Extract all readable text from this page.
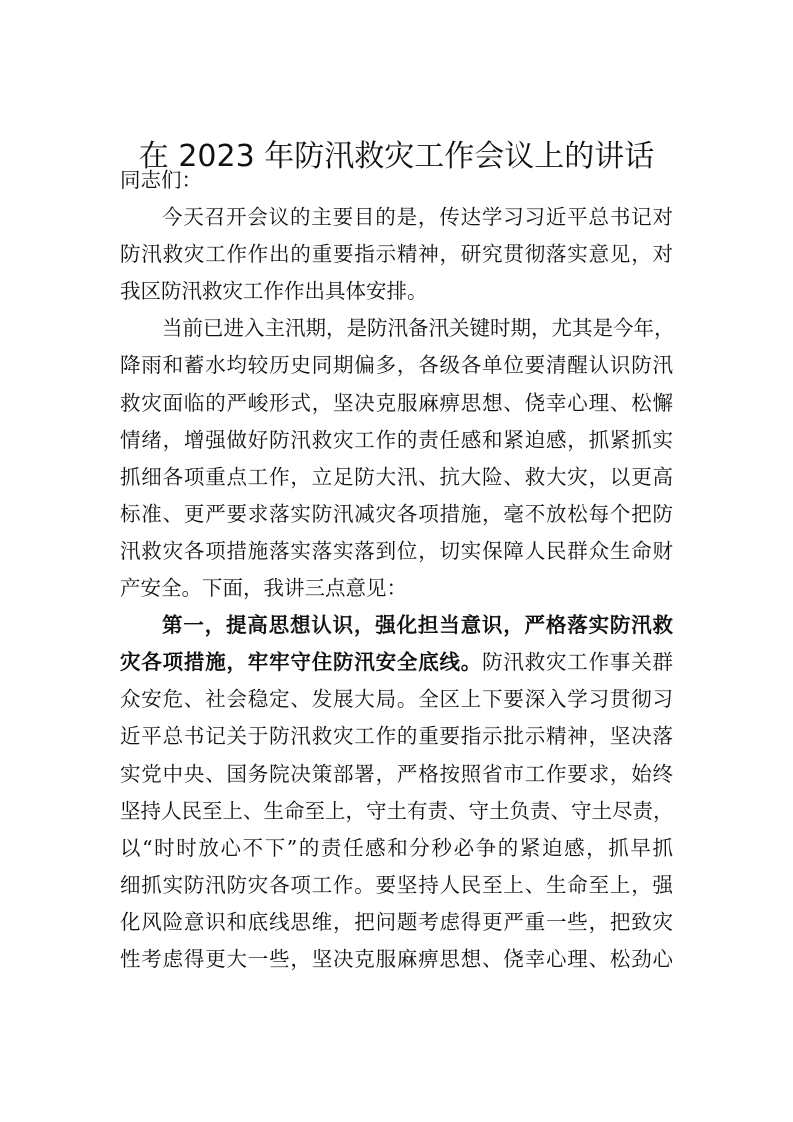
在 2023 年防汛救灾工作会议上的讲话
同志们：
今天召开会议的主要目的是，传达学习习近平总书记对
防汛救灾工作作出的重要指示精神，研究贯彻落实意见，对
我区防汛救灾工作作出具体安排。
当前已进入主汛期，是防汛备汛关键时期，尤其是今年，
降雨和蓄水均较历史同期偏多，各级各单位要清醒认识防汛
救灾面临的严峻形式，坚决克服麻痹思想、侥幸心理、松懈
情绪，增强做好防汛救灾工作的责任感和紧迫感，抓紧抓实
抓细各项重点工作，立足防大汛、抗大险、救大灾，以更高
标准、更严要求落实防汛减灾各项措施，毫不放松每个把防
汛救灾各项措施落实落实落到位，切实保障人民群众生命财
产安全。下面，我讲三点意见：
第一，提高思想认识，强化担当意识，严格落实防汛救
灾各项措施，牢牢守住防汛安全底线。防汛救灾工作事关群
众安危、社会稳定、发展大局。全区上下要深入学习贯彻习
近平总书记关于防汛救灾工作的重要指示批示精神，坚决落
实党中央、国务院决策部署，严格按照省市工作要求，始终
坚持人民至上、生命至上，守土有责、守土负责、守土尽责，
以“时时放心不下”的责任感和分秒必争的紧迫感，抓早抓
细抓实防汛防灾各项工作。要坚持人民至上、生命至上，强
化风险意识和底线思维，把问题考虑得更严重一些，把致灾
性考虑得更大一些，坚决克服麻痹思想、侥幸心理、松劲心
